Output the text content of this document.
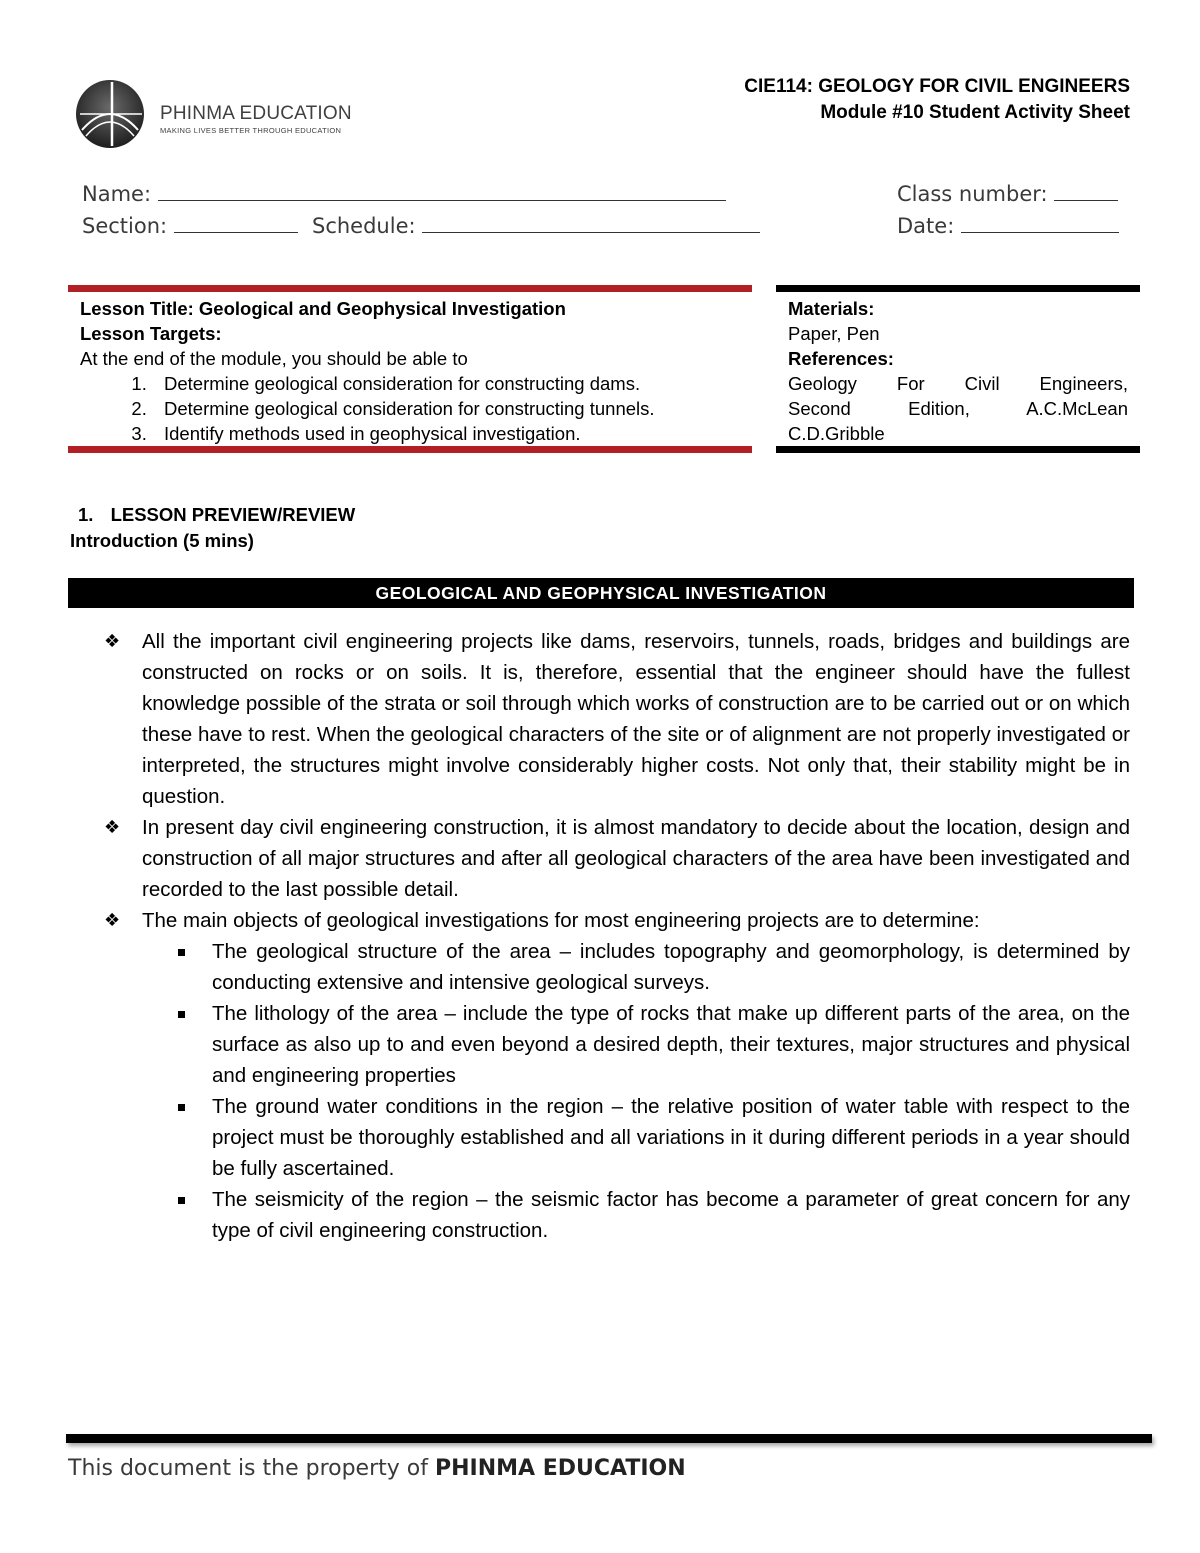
PHINMA EDUCATION
MAKING LIVES BETTER THROUGH EDUCATION
CIE114: GEOLOGY FOR CIVIL ENGINEERS
Module #10 Student Activity Sheet
Name:	Class number:
Section:	Schedule:	Date:
Lesson Title: Geological and Geophysical Investigation
Lesson Targets:
At the end of the module, you should be able to
1. Determine geological consideration for constructing dams.
2. Determine geological consideration for constructing tunnels.
3. Identify methods used in geophysical investigation.
Materials:
Paper, Pen
References:
Geology For Civil Engineers,
Second Edition, A.C.McLean
C.D.Gribble
1. LESSON PREVIEW/REVIEW
Introduction (5 mins)
GEOLOGICAL AND GEOPHYSICAL INVESTIGATION
❖ All the important civil engineering projects like dams, reservoirs, tunnels, roads, bridges and buildings are constructed on rocks or on soils. It is, therefore, essential that the engineer should have the fullest knowledge possible of the strata or soil through which works of construction are to be carried out or on which these have to rest. When the geological characters of the site or of alignment are not properly investigated or interpreted, the structures might involve considerably higher costs. Not only that, their stability might be in question.
❖ In present day civil engineering construction, it is almost mandatory to decide about the location, design and construction of all major structures and after all geological characters of the area have been investigated and recorded to the last possible detail.
❖ The main objects of geological investigations for most engineering projects are to determine:
The geological structure of the area – includes topography and geomorphology, is determined by conducting extensive and intensive geological surveys.
The lithology of the area – include the type of rocks that make up different parts of the area, on the surface as also up to and even beyond a desired depth, their textures, major structures and physical and engineering properties
The ground water conditions in the region – the relative position of water table with respect to the project must be thoroughly established and all variations in it during different periods in a year should be fully ascertained.
The seismicity of the region – the seismic factor has become a parameter of great concern for any type of civil engineering construction.
This document is the property of PHINMA EDUCATION
